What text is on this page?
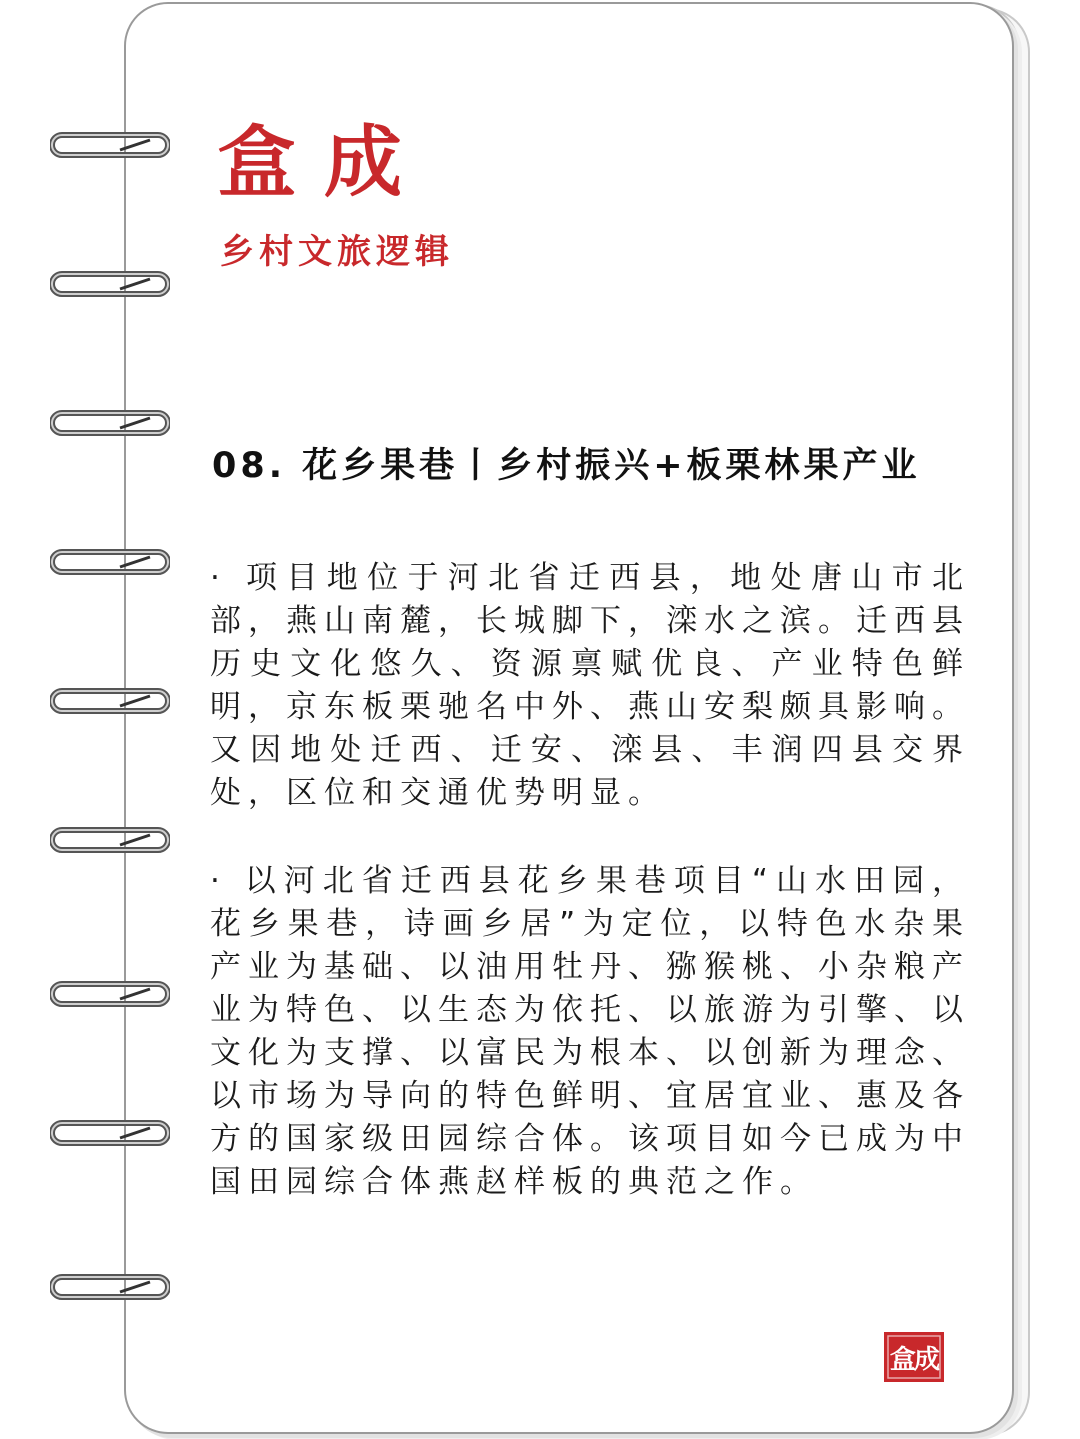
盒成

乡村文旅逻辑

08. 花乡果巷丨乡村振兴+板栗林果产业

· 项目地位于河北省迁西县，地处唐山市北部，燕山南麓，长城脚下，滦水之滨。迁西县历史文化悠久、资源禀赋优良、产业特色鲜明，京东板栗驰名中外、燕山安梨颇具影响。又因地处迁西、迁安、滦县、丰润四县交界处，区位和交通优势明显。

· 以河北省迁西县花乡果巷项目“山水田园，花乡果巷，诗画乡居”为定位，以特色水杂果产业为基础、以油用牡丹、猕猴桃、小杂粮产业为特色、以生态为依托、以旅游为引擎、以文化为支撑、以富民为根本、以创新为理念、以市场为导向的特色鲜明、宜居宜业、惠及各方的国家级田园综合体。该项目如今已成为中国田园综合体燕赵样板的典范之作。

盒成
